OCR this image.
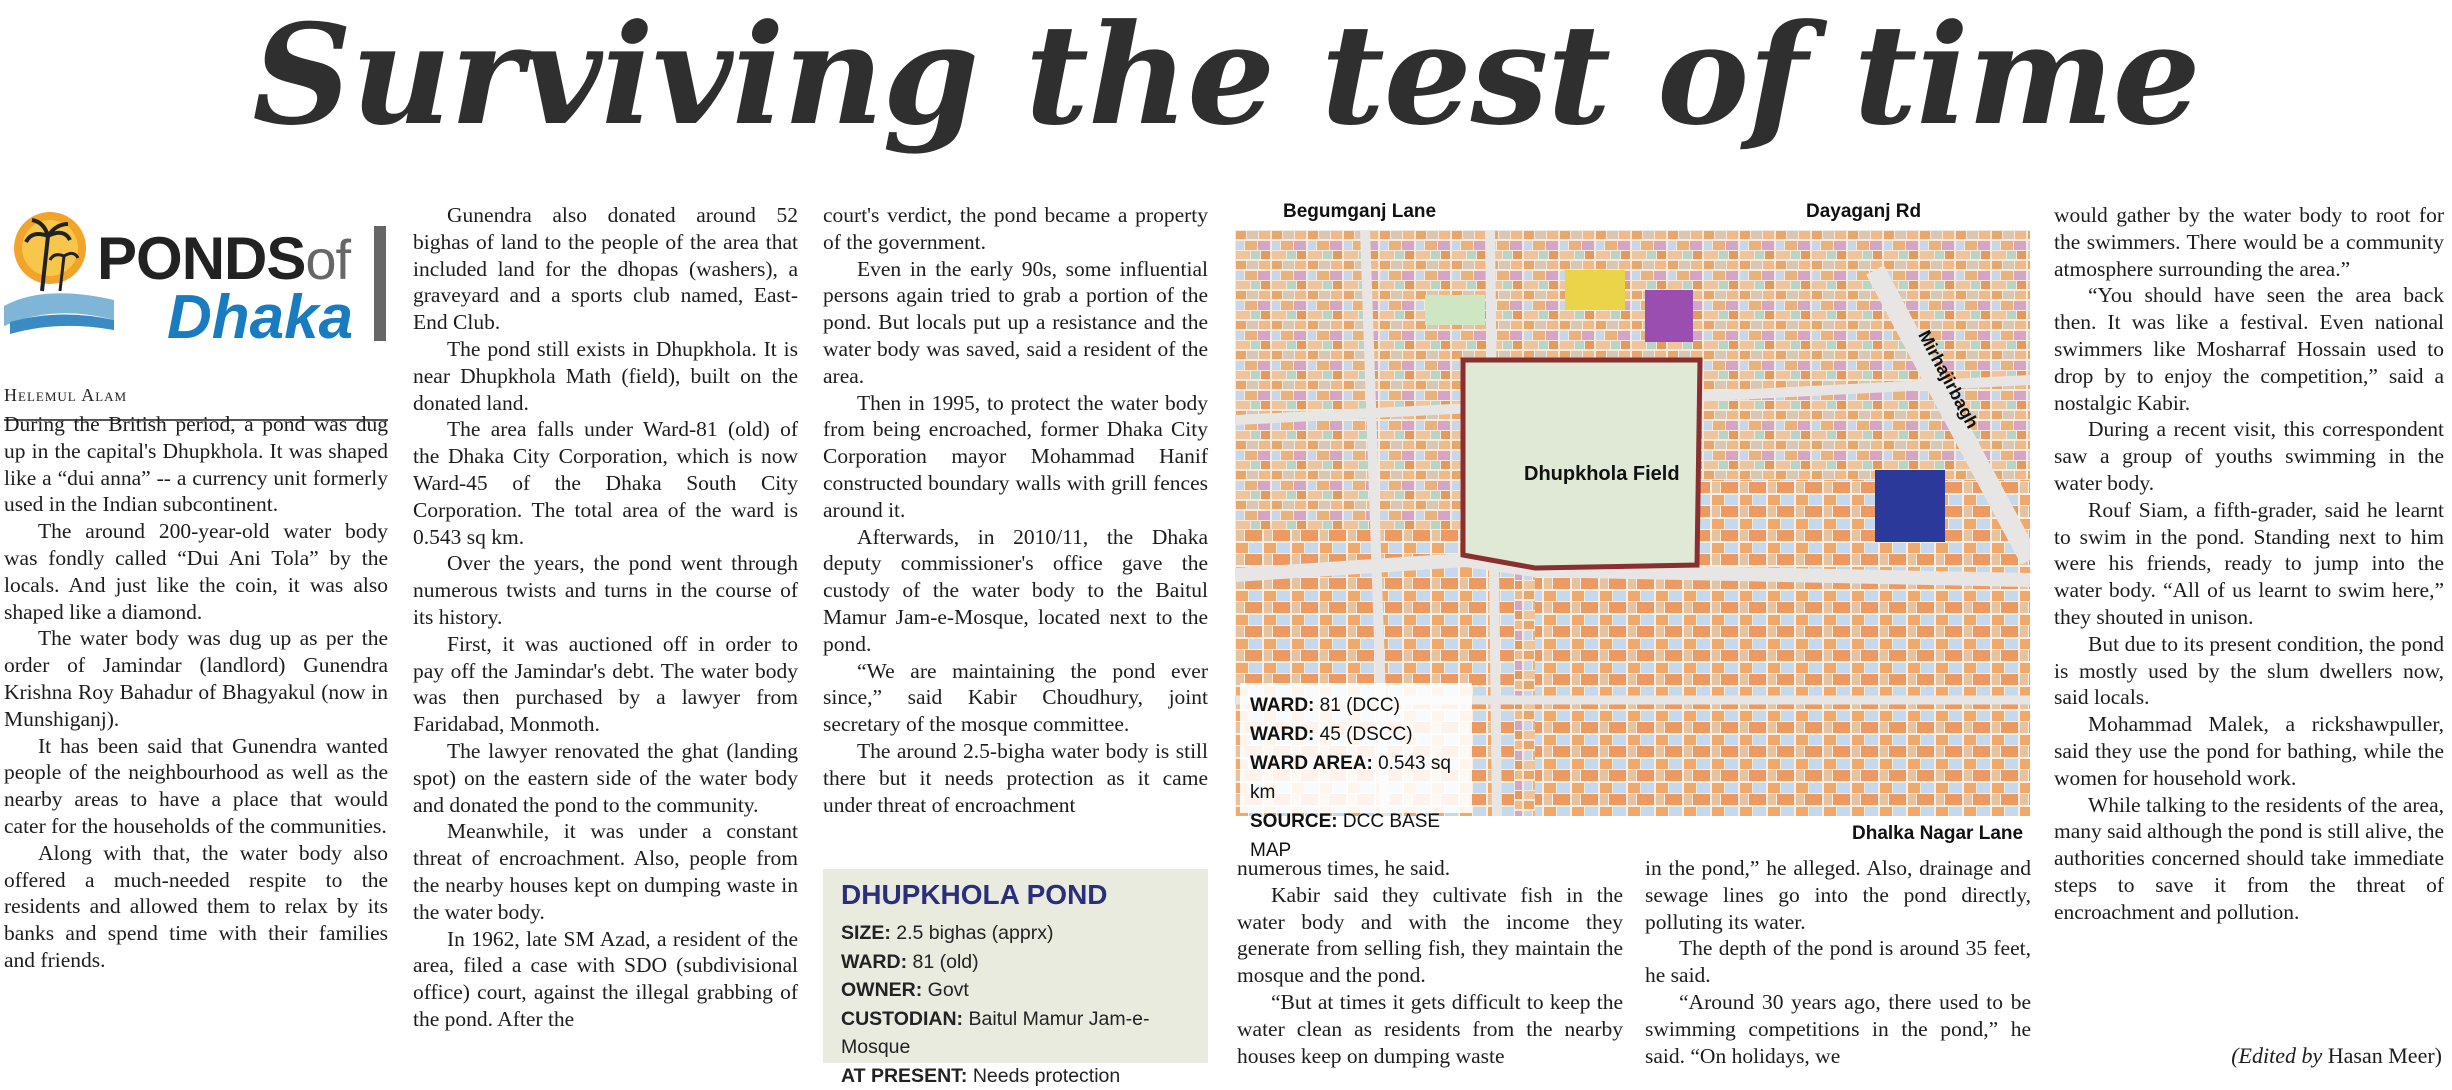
Surviving the test of time
PONDSof
Dhaka
Helemul Alam

During the British period, a pond was dug up in the capital's Dhupkhola. It was shaped like a “dui anna” -- a currency unit formerly used in the Indian subcontinent.

The around 200-year-old water body was fondly called “Dui Ani Tola” by the locals. And just like the coin, it was also shaped like a diamond.

The water body was dug up as per the order of Jamindar (landlord) Gunendra Krishna Roy Bahadur of Bhagyakul (now in Munshiganj).

It has been said that Gunendra wanted people of the neighbourhood as well as the nearby areas to have a place that would cater for the households of the communities.

Along with that, the water body also offered a much-needed respite to the residents and allowed them to relax by its banks and spend time with their families and friends.

Gunendra also donated around 52 bighas of land to the people of the area that included land for the dhopas (washers), a graveyard and a sports club named, East-End Club.

The pond still exists in Dhupkhola. It is near Dhupkhola Math (field), built on the donated land.

The area falls under Ward-81 (old) of the Dhaka City Corporation, which is now Ward-45 of the Dhaka South City Corporation. The total area of the ward is 0.543 sq km.

Over the years, the pond went through numerous twists and turns in the course of its history.

First, it was auctioned off in order to pay off the Jamindar's debt. The water body was then purchased by a lawyer from Faridabad, Monmoth.

The lawyer renovated the ghat (landing spot) on the eastern side of the water body and donated the pond to the community.

Meanwhile, it was under a constant threat of encroachment. Also, people from the nearby houses kept on dumping waste in the water body.

In 1962, late SM Azad, a resident of the area, filed a case with SDO (subdivisional office) court, against the illegal grabbing of the pond. After the

court's verdict, the pond became a property of the government.

Even in the early 90s, some influential persons again tried to grab a portion of the pond. But locals put up a resistance and the water body was saved, said a resident of the area.

Then in 1995, to protect the water body from being encroached, former Dhaka City Corporation mayor Mohammad Hanif constructed boundary walls with grill fences around it.

Afterwards, in 2010/11, the Dhaka deputy commissioner's office gave the custody of the water body to the Baitul Mamur Jam-e-Mosque, located next to the pond.

“We are maintaining the pond ever since,” said Kabir Choudhury, joint secretary of the mosque committee.

The around 2.5-bigha water body is still there but it needs protection as it came under threat of encroachment

DHUPKHOLA POND
SIZE: 2.5 bighas (apprx)
WARD: 81 (old)
OWNER: Govt
CUSTODIAN: Baitul Mamur Jam-e-Mosque
AT PRESENT: Needs protection
Begumganj Lane	Dayaganj Rd
Dhalka Nagar Lane
Dhupkhola Field
Mirhajirbagh
WARD: 81 (DCC)
WARD: 45 (DSCC)
WARD AREA: 0.543 sq km
SOURCE: DCC BASE MAP

numerous times, he said.

Kabir said they cultivate fish in the water body and with the income they generate from selling fish, they maintain the mosque and the pond.

“But at times it gets difficult to keep the water clean as residents from the nearby houses keep on dumping waste

in the pond,” he alleged. Also, drainage and sewage lines go into the pond directly, polluting its water.

The depth of the pond is around 35 feet, he said.

“Around 30 years ago, there used to be swimming competitions in the pond,” he said. “On holidays, we

would gather by the water body to root for the swimmers. There would be a community atmosphere surrounding the area.”

“You should have seen the area back then. It was like a festival. Even national swimmers like Mosharraf Hossain used to drop by to enjoy the competition,” said a nostalgic Kabir.

During a recent visit, this correspondent saw a group of youths swimming in the water body.

Rouf Siam, a fifth-grader, said he learnt to swim in the pond. Standing next to him were his friends, ready to jump into the water body. “All of us learnt to swim here,” they shouted in unison.

But due to its present condition, the pond is mostly used by the slum dwellers now, said locals.

Mohammad Malek, a rickshawpuller, said they use the pond for bathing, while the women for household work.

While talking to the residents of the area, many said although the pond is still alive, the authorities concerned should take immediate steps to save it from the threat of encroachment and pollution.

(Edited by Hasan Meer)
